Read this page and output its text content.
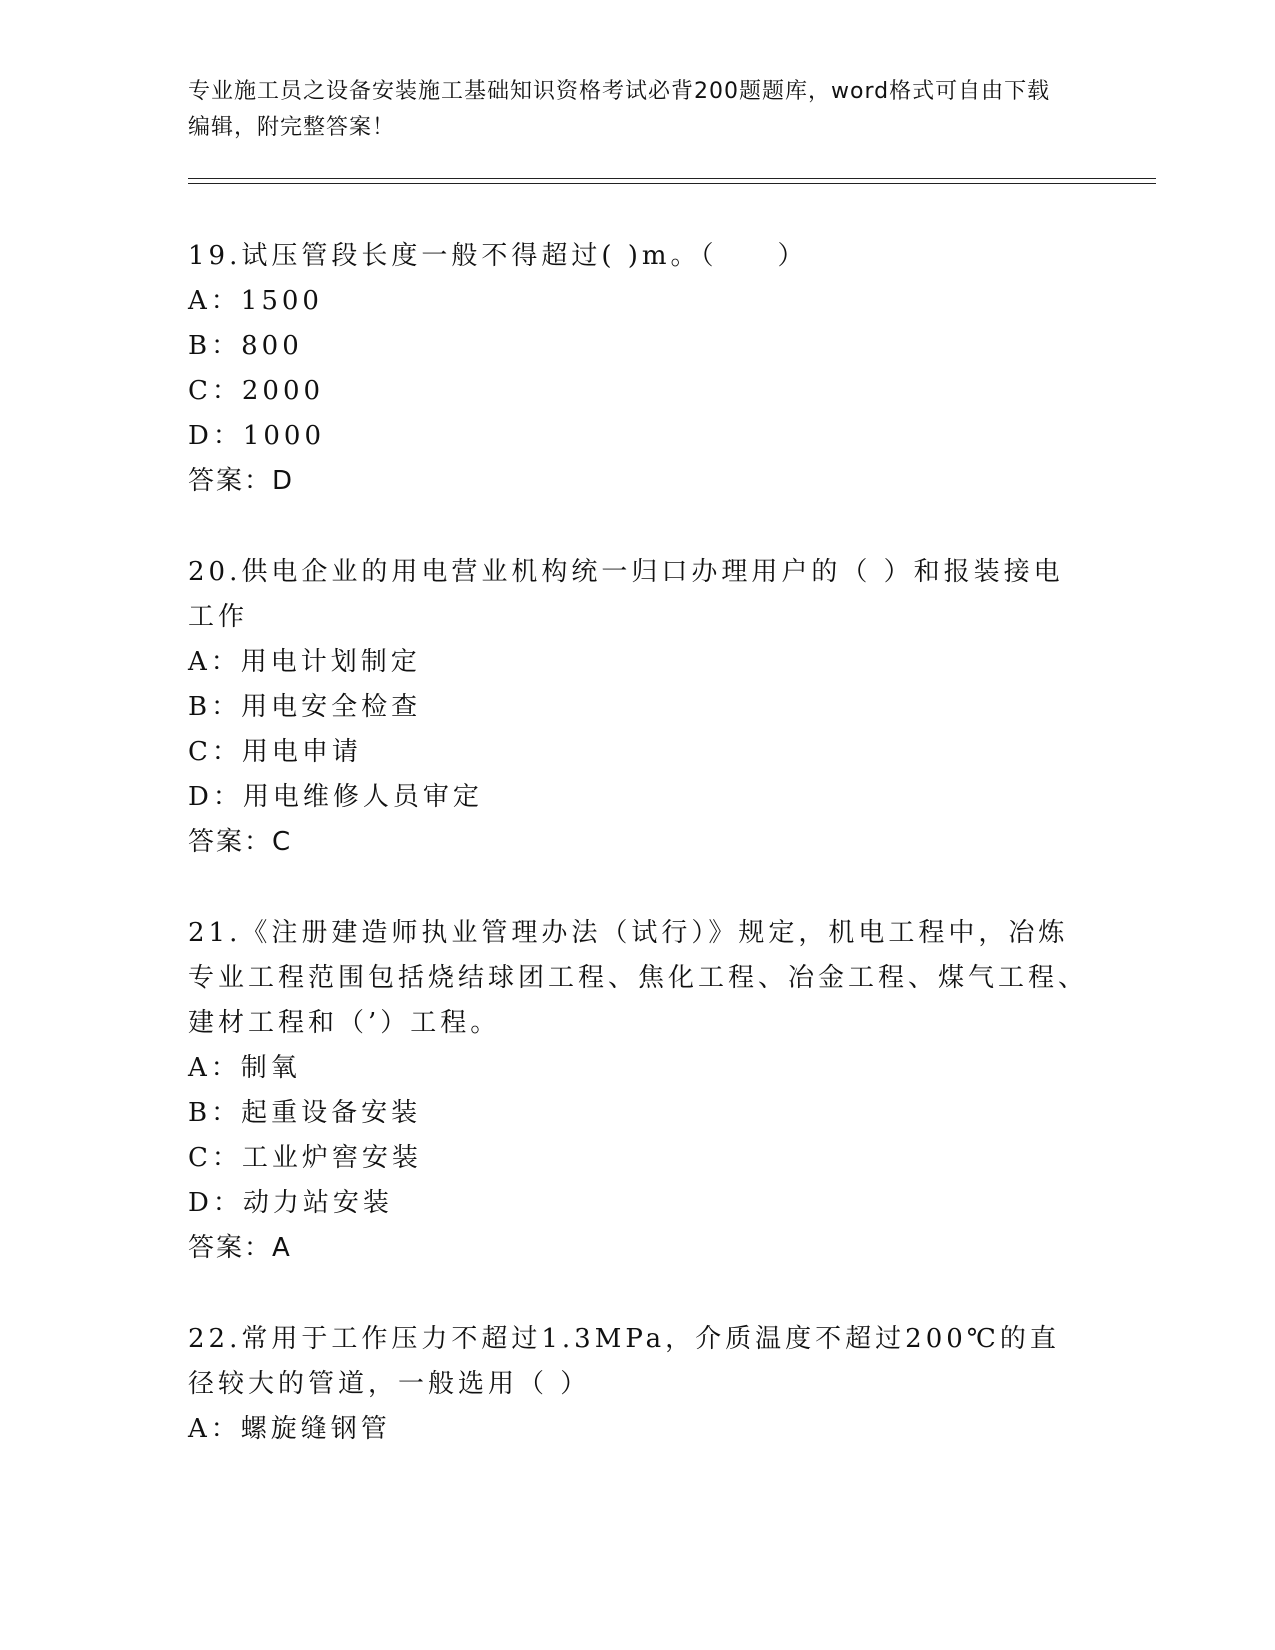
专业施工员之设备安装施工基础知识资格考试必背200题题库，word格式可自由下载编辑，附完整答案！

19.试压管段长度一般不得超过( )m。（　　）

A：1500

B：800

C：2000

D：1000

答案：D

20.供电企业的用电营业机构统一归口办理用户的（ ）和报装接电工作

A：用电计划制定

B：用电安全检查

C：用电申请

D：用电维修人员审定

答案：C

21.《注册建造师执业管理办法（试行）》规定，机电工程中，冶炼专业工程范围包括烧结球团工程、焦化工程、冶金工程、煤气工程、建材工程和（’）工程。

A：制氧

B：起重设备安装

C：工业炉窖安装

D：动力站安装

答案：A

22.常用于工作压力不超过1.3MPa，介质温度不超过200℃的直径较大的管道，一般选用（ ）

A：螺旋缝钢管
